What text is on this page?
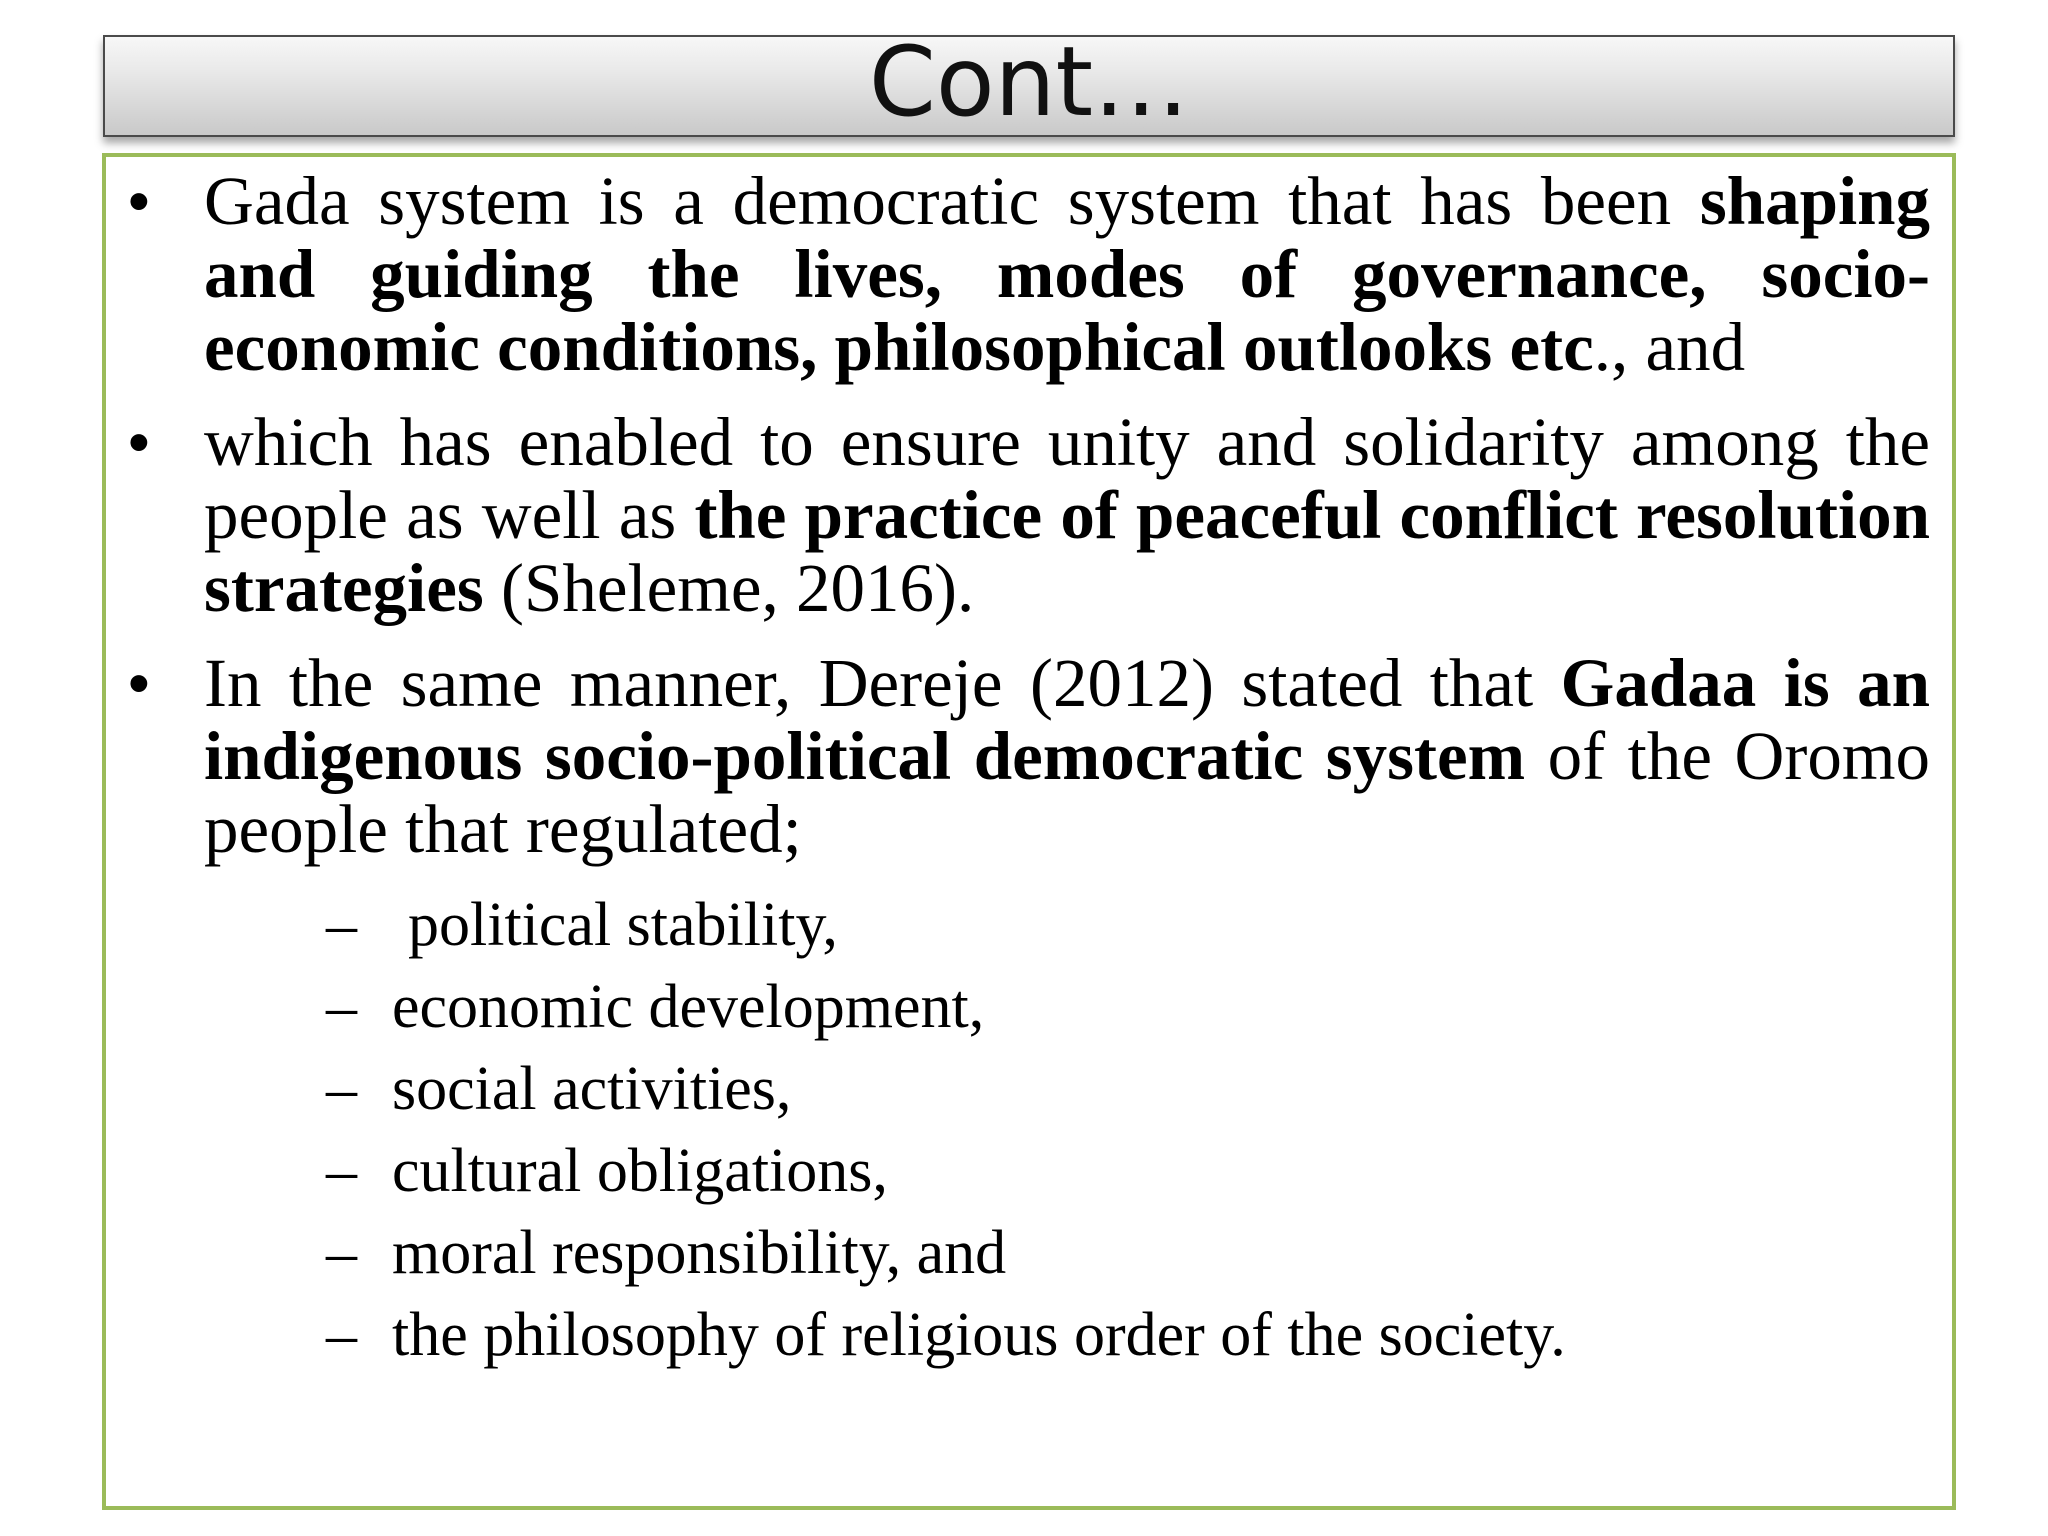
Cont…
• Gada system is a democratic system that has been shaping and guiding the lives, modes of governance, socio-economic conditions, philosophical outlooks etc., and
• which has enabled to ensure unity and solidarity among the people as well as the practice of peaceful conflict resolution strategies (Sheleme, 2016).
• In the same manner, Dereje (2012) stated that Gadaa is an indigenous socio-political democratic system of the Oromo people that regulated;
– political stability,
– economic development,
– social activities,
– cultural obligations,
– moral responsibility, and
– the philosophy of religious order of the society.
